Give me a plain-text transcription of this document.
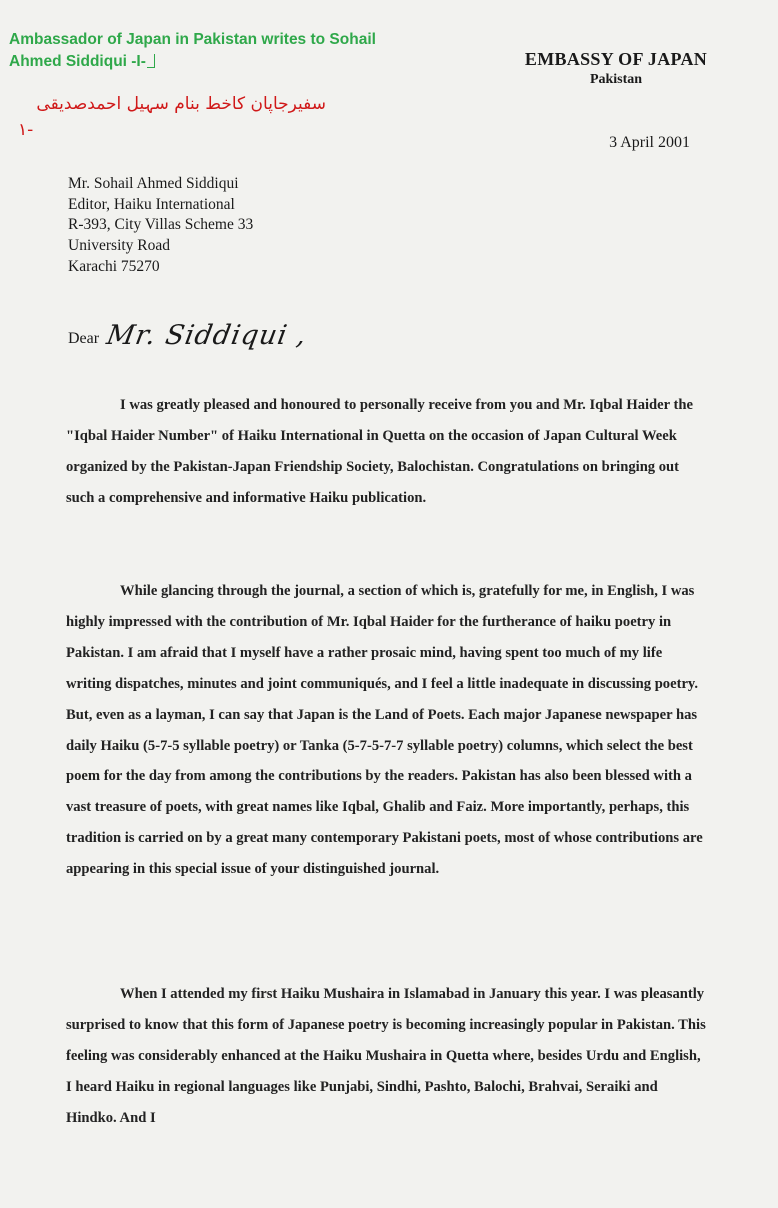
Ambassador of Japan in Pakistan writes to Sohail Ahmed Siddiqui -I-
سفیرجاپان کاخط بنام سہیل احمدصدیقی
۱-
EMBASSY OF JAPAN
Pakistan
3 April 2001
Mr. Sohail Ahmed Siddiqui
Editor, Haiku International
R-393, City Villas Scheme 33
University Road
Karachi 75270
Dear Mr. Siddiqui ,

I was greatly pleased and honoured to personally receive from you and Mr. Iqbal Haider the "Iqbal Haider Number" of Haiku International in Quetta on the occasion of Japan Cultural Week organized by the Pakistan-Japan Friendship Society, Balochistan. Congratulations on bringing out such a comprehensive and informative Haiku publication.

While glancing through the journal, a section of which is, gratefully for me, in English, I was highly impressed with the contribution of Mr. Iqbal Haider for the furtherance of haiku poetry in Pakistan. I am afraid that I myself have a rather prosaic mind, having spent too much of my life writing dispatches, minutes and joint communiqués, and I feel a little inadequate in discussing poetry. But, even as a layman, I can say that Japan is the Land of Poets. Each major Japanese newspaper has daily Haiku (5-7-5 syllable poetry) or Tanka (5-7-5-7-7 syllable poetry) columns, which select the best poem for the day from among the contributions by the readers. Pakistan has also been blessed with a vast treasure of poets, with great names like Iqbal, Ghalib and Faiz. More importantly, perhaps, this tradition is carried on by a great many contemporary Pakistani poets, most of whose contributions are appearing in this special issue of your distinguished journal.

When I attended my first Haiku Mushaira in Islamabad in January this year. I was pleasantly surprised to know that this form of Japanese poetry is becoming increasingly popular in Pakistan. This feeling was considerably enhanced at the Haiku Mushaira in Quetta where, besides Urdu and English, I heard Haiku in regional languages like Punjabi, Sindhi, Pashto, Balochi, Brahvai, Seraiki and Hindko. And I
